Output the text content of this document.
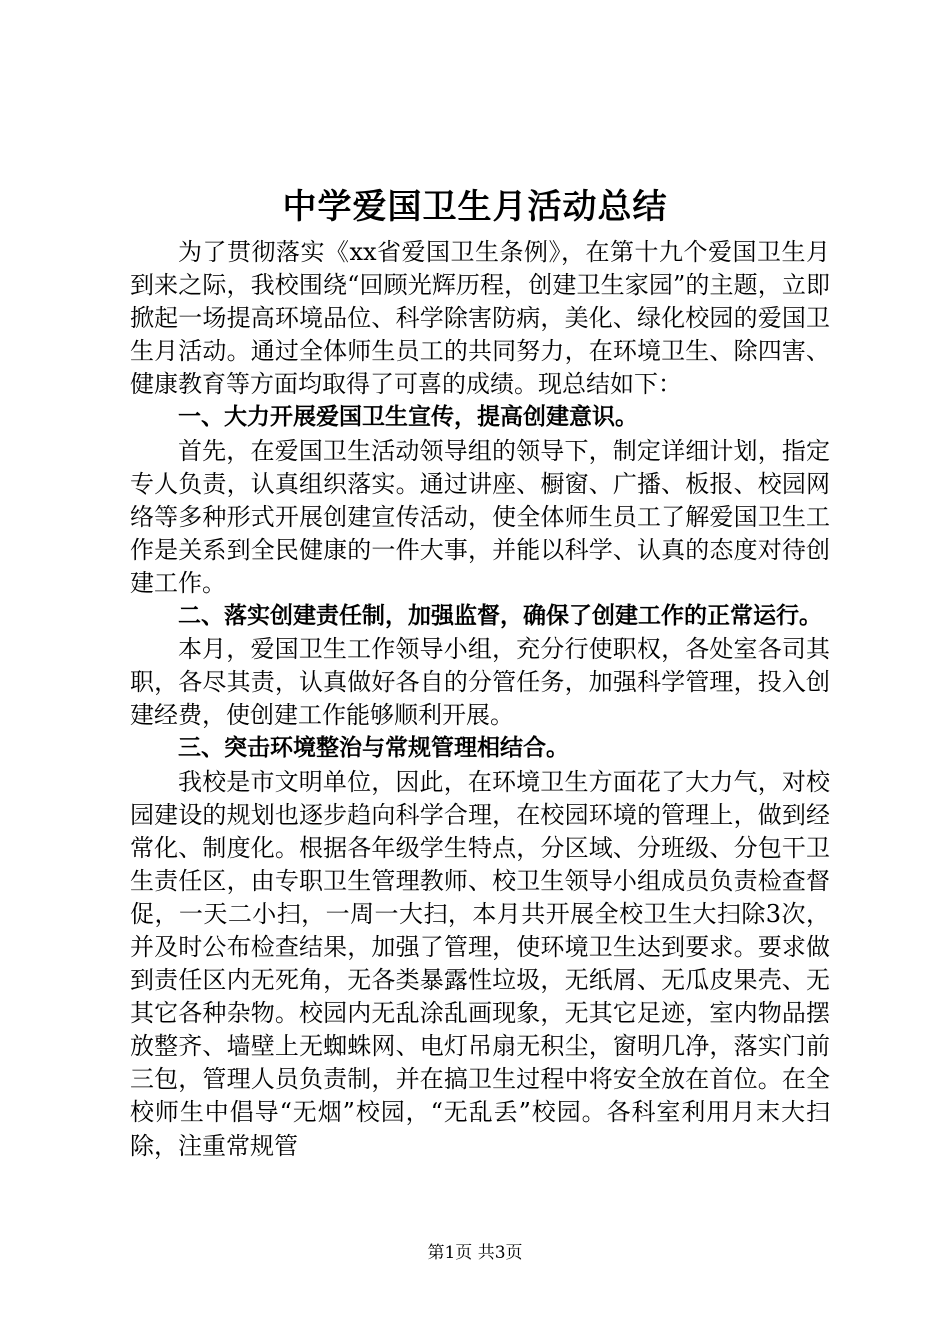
中学爱国卫生月活动总结

为了贯彻落实《xx省爱国卫生条例》，在第十九个爱国卫生月到来之际，我校围绕“回顾光辉历程，创建卫生家园”的主题，立即掀起一场提高环境品位、科学除害防病，美化、绿化校园的爱国卫生月活动。通过全体师生员工的共同努力，在环境卫生、除四害、健康教育等方面均取得了可喜的成绩。现总结如下：

一、大力开展爱国卫生宣传，提高创建意识。

首先，在爱国卫生活动领导组的领导下，制定详细计划，指定专人负责，认真组织落实。通过讲座、橱窗、广播、板报、校园网络等多种形式开展创建宣传活动，使全体师生员工了解爱国卫生工作是关系到全民健康的一件大事，并能以科学、认真的态度对待创建工作。

二、落实创建责任制，加强监督，确保了创建工作的正常运行。

本月，爱国卫生工作领导小组，充分行使职权，各处室各司其职，各尽其责，认真做好各自的分管任务，加强科学管理，投入创建经费，使创建工作能够顺利开展。

三、突击环境整治与常规管理相结合。

我校是市文明单位，因此，在环境卫生方面花了大力气，对校园建设的规划也逐步趋向科学合理，在校园环境的管理上，做到经常化、制度化。根据各年级学生特点，分区域、分班级、分包干卫生责任区，由专职卫生管理教师、校卫生领导小组成员负责检查督促，一天二小扫，一周一大扫，本月共开展全校卫生大扫除3次，并及时公布检查结果，加强了管理，使环境卫生达到要求。要求做到责任区内无死角，无各类暴露性垃圾，无纸屑、无瓜皮果壳、无其它各种杂物。校园内无乱涂乱画现象，无其它足迹，室内物品摆放整齐、墙壁上无蜘蛛网、电灯吊扇无积尘，窗明几净，落实门前三包，管理人员负责制，并在搞卫生过程中将安全放在首位。在全校师生中倡导“无烟”校园，“无乱丢”校园。各科室利用月末大扫除，注重常规管

第1页 共3页
